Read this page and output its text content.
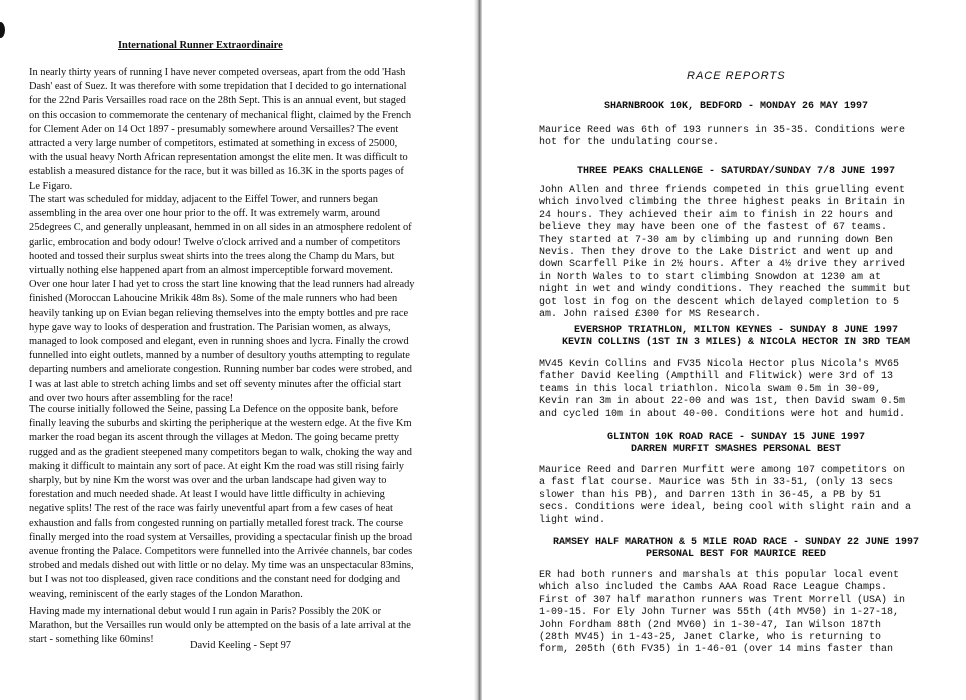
International Runner Extraordinaire

In nearly thirty years of running I have never competed overseas, apart from the odd 'Hash Dash' east of Suez. It was therefore with some trepidation that I decided to go international for the 22nd Paris Versailles road race on the 28th Sept. This is an annual event, but staged on this occasion to commemorate the centenary of mechanical flight, claimed by the French for Clement Ader on 14 Oct 1897 - presumably somewhere around Versailles? The event attracted a very large number of competitors, estimated at something in excess of 25000, with the usual heavy North African representation amongst the elite men. It was difficult to establish a measured distance for the race, but it was billed as 16.3K in the sports pages of Le Figaro.

The start was scheduled for midday, adjacent to the Eiffel Tower, and runners began assembling in the area over one hour prior to the off. It was extremely warm, around 25degrees C, and generally unpleasant, hemmed in on all sides in an atmosphere redolent of garlic, embrocation and body odour! Twelve o'clock arrived and a number of competitors hooted and tossed their surplus sweat shirts into the trees along the Champ du Mars, but virtually nothing else happened apart from an almost imperceptible forward movement. Over one hour later I had yet to cross the start line knowing that the lead runners had already finished (Moroccan Lahoucine Mrikik 48m 8s). Some of the male runners who had been heavily tanking up on Evian began relieving themselves into the empty bottles and pre race hype gave way to looks of desperation and frustration. The Parisian women, as always, managed to look composed and elegant, even in running shoes and lycra. Finally the crowd funnelled into eight outlets, manned by a number of desultory youths attempting to regulate departing numbers and ameliorate congestion. Running number bar codes were strobed, and I was at last able to stretch aching limbs and set off seventy minutes after the official start and over two hours after assembling for the race!

The course initially followed the Seine, passing La Defence on the opposite bank, before finally leaving the suburbs and skirting the peripherique at the western edge. At the five Km marker the road began its ascent through the villages at Medon. The going became pretty rugged and as the gradient steepened many competitors began to walk, choking the way and making it difficult to maintain any sort of pace. At eight Km the road was still rising fairly sharply, but by nine Km the worst was over and the urban landscape had given way to forestation and much needed shade. At least I would have little difficulty in achieving negative splits! The rest of the race was fairly uneventful apart from a few cases of heat exhaustion and falls from congested running on partially metalled forest track. The course finally merged into the road system at Versailles, providing a spectacular finish up the broad avenue fronting the Palace. Competitors were funnelled into the Arrivée channels, bar codes strobed and medals dished out with little or no delay. My time was an unspectacular 83mins, but I was not too displeased, given race conditions and the constant need for dodging and weaving, reminiscent of the early stages of the London Marathon.

Having made my international debut would I run again in Paris? Possibly the 20K or Marathon, but the Versailles run would only be attempted on the basis of a late arrival at the start - something like 60mins!

David Keeling - Sept 97
RACE REPORTS

SHARNBROOK 10K, BEDFORD - MONDAY 26 MAY 1997

Maurice Reed was 6th of 193 runners in 35-35. Conditions were
hot for the undulating course.

THREE PEAKS CHALLENGE - SATURDAY/SUNDAY 7/8 JUNE 1997

John Allen and three friends competed in this gruelling event
which involved climbing the three highest peaks in Britain in
24 hours. They achieved their aim to finish in 22 hours and
believe they may have been one of the fastest of 67 teams.
They started at 7-30 am by climbing up and running down Ben
Nevis. Then they drove to the Lake District and went up and
down Scarfell Pike in 2½ hours. After a 4½ drive they arrived
in North Wales to to start climbing Snowdon at 1230 am at
night in wet and windy conditions. They reached the summit but
got lost in fog on the descent which delayed completion to 5
am. John raised £300 for MS Research.

EVERSHOP TRIATHLON, MILTON KEYNES - SUNDAY 8 JUNE 1997
KEVIN COLLINS (1ST IN 3 MILES) & NICOLA HECTOR IN 3RD TEAM

MV45 Kevin Collins and FV35 Nicola Hector plus Nicola's MV65
father David Keeling (Ampthill and Flitwick) were 3rd of 13
teams in this local triathlon. Nicola swam 0.5m in 30-09,
Kevin ran 3m in about 22-00 and was 1st, then David swam 0.5m
and cycled 10m in about 40-00. Conditions were hot and humid.

GLINTON 10K ROAD RACE - SUNDAY 15 JUNE 1997
DARREN MURFIT SMASHES PERSONAL BEST

Maurice Reed and Darren Murfitt were among 107 competitors on
a fast flat course. Maurice was 5th in 33-51, (only 13 secs
slower than his PB), and Darren 13th in 36-45, a PB by 51
secs. Conditions were ideal, being cool with slight rain and a
light wind.

RAMSEY HALF MARATHON & 5 MILE ROAD RACE - SUNDAY 22 JUNE 1997
PERSONAL BEST FOR MAURICE REED

ER had both runners and marshals at this popular local event
which also included the Cambs AAA Road Race League Champs.
First of 307 half marathon runners was Trent Morrell (USA) in
1-09-15. For Ely John Turner was 55th (4th MV50) in 1-27-18,
John Fordham 88th (2nd MV60) in 1-30-47, Ian Wilson 187th
(28th MV45) in 1-43-25, Janet Clarke, who is returning to
form, 205th (6th FV35) in 1-46-01 (over 14 mins faster than
